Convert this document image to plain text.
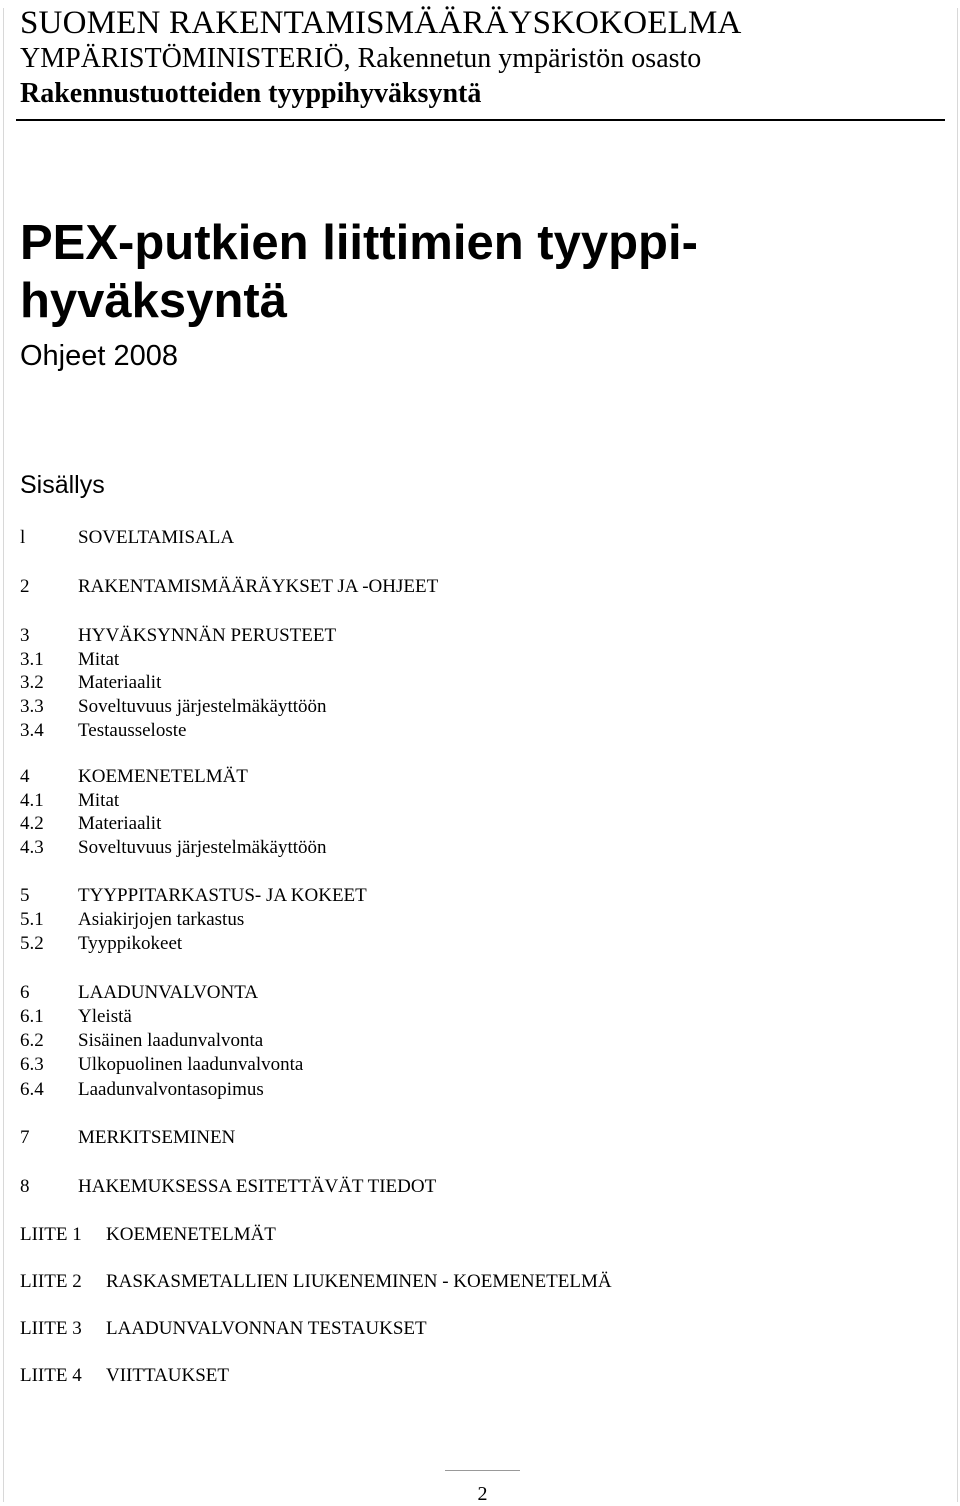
SUOMEN RAKENTAMISMÄÄRÄYSKOKOELMA
YMPÄRISTÖMINISTERIÖ, Rakennetun ympäristön osasto
Rakennustuotteiden tyyppihyväksyntä
PEX-putkien liittimien tyyppi-
hyväksyntä
Ohjeet 2008
Sisällys
l	SOVELTAMISALA
2	RAKENTAMISMÄÄRÄYKSET JA -OHJEET
3	HYVÄKSYNNÄN PERUSTEET
3.1 Mitat
3.2 Materiaalit
3.3 Soveltuvuus järjestelmäkäyttöön
3.4 Testausseloste
4	KOEMENETELMÄT
4.1 Mitat
4.2 Materiaalit
4.3 Soveltuvuus järjestelmäkäyttöön
5	TYYPPITARKASTUS- JA KOKEET
5.1 Asiakirjojen tarkastus
5.2 Tyyppikokeet
6	LAADUNVALVONTA
6.1 Yleistä
6.2 Sisäinen laadunvalvonta
6.3 Ulkopuolinen laadunvalvonta
6.4 Laadunvalvontasopimus
7	MERKITSEMINEN
8	HAKEMUKSESSA ESITETTÄVÄT TIEDOT
LIITE 1 KOEMENETELMÄT
LIITE 2 RASKASMETALLIEN LIUKENEMINEN - KOEMENETELMÄ
LIITE 3 LAADUNVALVONNAN TESTAUKSET
LIITE 4 VIITTAUKSET
2
